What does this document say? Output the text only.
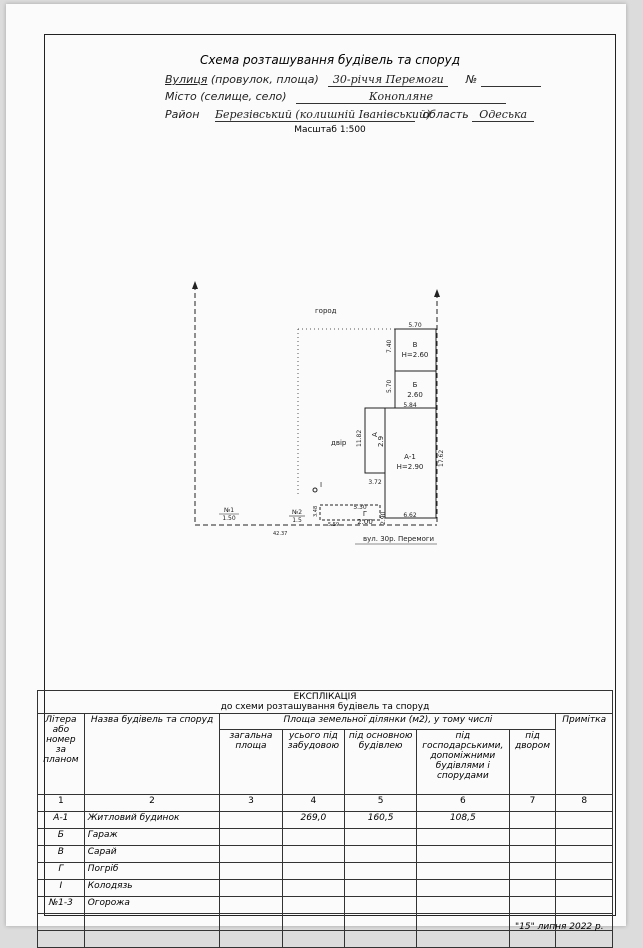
Схема розташування будівель та споруд
Вулиця (провулок, площа) 30-річчя Перемоги №
Місто (селище, село)	Коноплянe
Район Березівський (колишній Іванівський) область Одеська
Масштаб 1:500
В
Н=2.60
5.70
7.40
Б
2.60
5.70
5.84
А-1
Н=2.90 17.62
6.62
А
2.9
11.82
3.72
5.30
Г
2.00 2.90
город
двір
І
№1
1.50
№2
1.5
3.48
5.59
42.37
вул. 30р. Перемоги
ЕКСПЛІКАЦІЯ
до схеми розташування будівель та споруд							

Літера або номер за планом	Назва будівель та споруд	Площа земельної ділянки (м2), у тому числі					Примітка
		загальна площа	усього під забудовою	під основною будівлею	під господарськими, допоміжними будівлями і спорудами	під двором	
1	2	3	4	5	6	7	8
А-1	Житловий будинок		269,0	160,5	108,5		
Б	Гараж						
В	Сарай						
Г	Погріб						
І	Колодязь						
№1-3	Огорожа						

"15" липня 2022 р.
